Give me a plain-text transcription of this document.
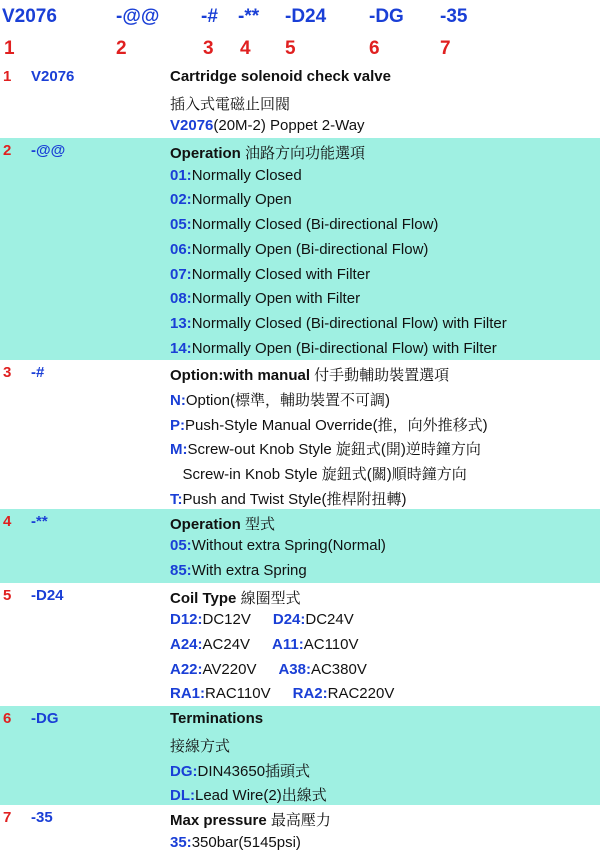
V2076	-@@ -# -** -D24 -DG -35
1	2	3 4 5	6	7
1 V2076	Cartridge solenoid check valve
插入式電磁止回閥
V2076(20M-2) Poppet 2-Way
2 -@@	Operation 油路方向功能選項
01:Normally Closed
02:Normally Open
05:Normally Closed (Bi-directional Flow)
06:Normally Open (Bi-directional Flow)
07:Normally Closed with Filter
08:Normally Open with Filter
13:Normally Closed (Bi-directional Flow) with Filter
14:Normally Open (Bi-directional Flow) with Filter
3 -#	Option:with manual 付手動輔助裝置選項
N:Option(標準，輔助裝置不可調)
P:Push-Style Manual Override(推，向外推移式)
M:Screw-out Knob Style 旋鈕式(開)逆時鐘方向
Screw-in Knob Style 旋鈕式(關)順時鐘方向
T:Push and Twist Style(推桿附扭轉)
4 -**	Operation 型式
05:Without extra Spring(Normal)
85:With extra Spring
5 -D24	Coil Type 線圈型式
D12:DC12V D24:DC24V
A24:AC24V A11:AC110V
A22:AV220V A38:AC380V
RA1:RAC110V RA2:RAC220V
6 -DG	Terminations
接線方式
DG:DIN43650插頭式
DL:Lead Wire(2)出線式
7 -35	Max pressure 最高壓力
35:350bar(5145psi)
